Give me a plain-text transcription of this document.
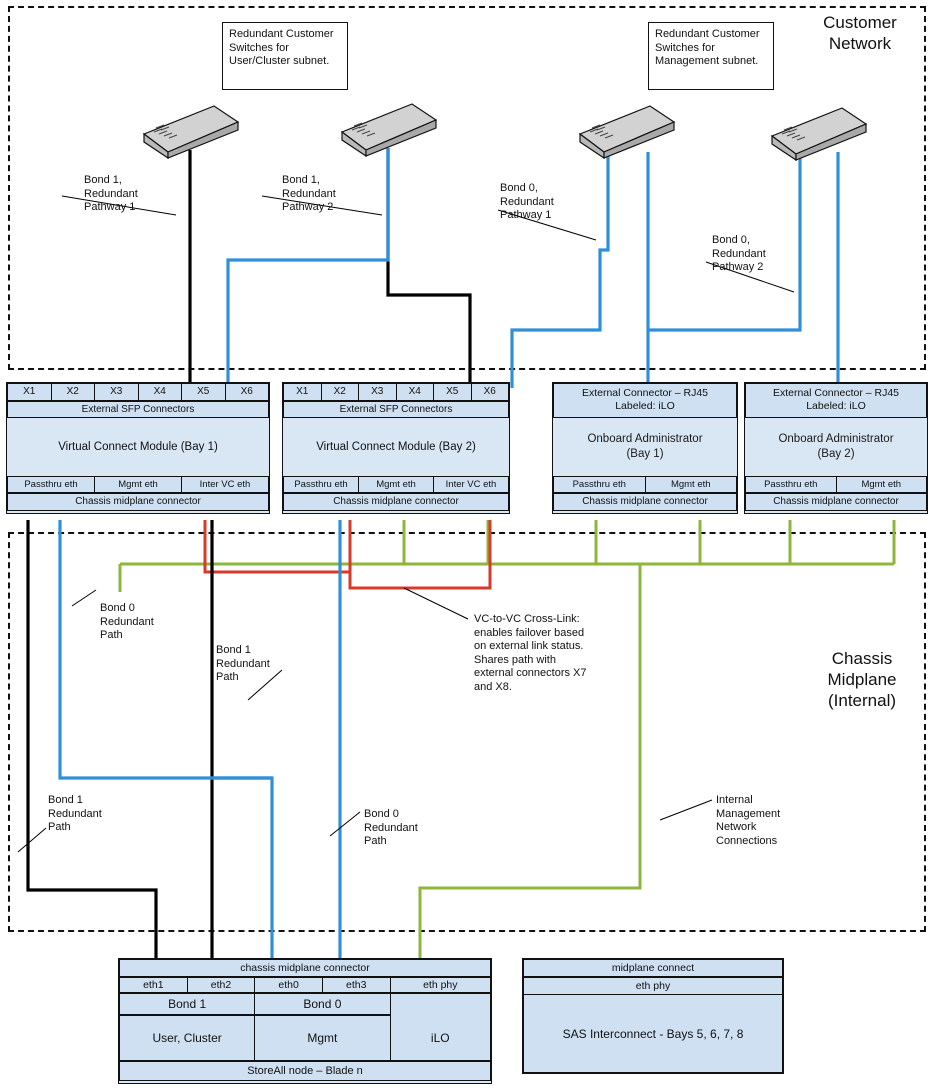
Customer
Network
Chassis
Midplane
(Internal)
Redundant Customer Switches for User/Cluster subnet.
Redundant Customer Switches for Management subnet.
VC-to-VC Cross-Link: enables failover based on external link status. Shares path with external connectors X7 and X8.
Bond 1,
Redundant
Pathway 1
Bond 1,
Redundant
Pathway 2
Bond 0,
Redundant
Pathway 1
Bond 0,
Redundant
Pathway 2
Bond 0
Redundant
Path
Bond 1
Redundant
Path
Bond 1
Redundant
Path
Bond 0
Redundant
Path
Internal
Management
Network
Connections
X1	X2	X3	X4	X5	X6
External SFP Connectors
Virtual Connect Module (Bay 1)
Passthru eth	Mgmt eth	Inter VC eth
Chassis midplane connector
X1	X2	X3	X4	X5	X6
External SFP Connectors
Virtual Connect Module (Bay 2)
Passthru eth	Mgmt eth	Inter VC eth
Chassis midplane connector
External Connector – RJ45
Labeled: iLO
Onboard Administrator
(Bay 1)
Passthru eth	Mgmt eth
Chassis midplane connector
External Connector – RJ45
Labeled: iLO
Onboard Administrator
(Bay 2)
Passthru eth	Mgmt eth
Chassis midplane connector
chassis midplane connector
eth1	eth2	eth0	eth3	eth phy
Bond 1	Bond 0
User, Cluster	Mgmt	iLO
StoreAll node – Blade n
midplane connect
eth phy
SAS Interconnect - Bays 5, 6, 7, 8
